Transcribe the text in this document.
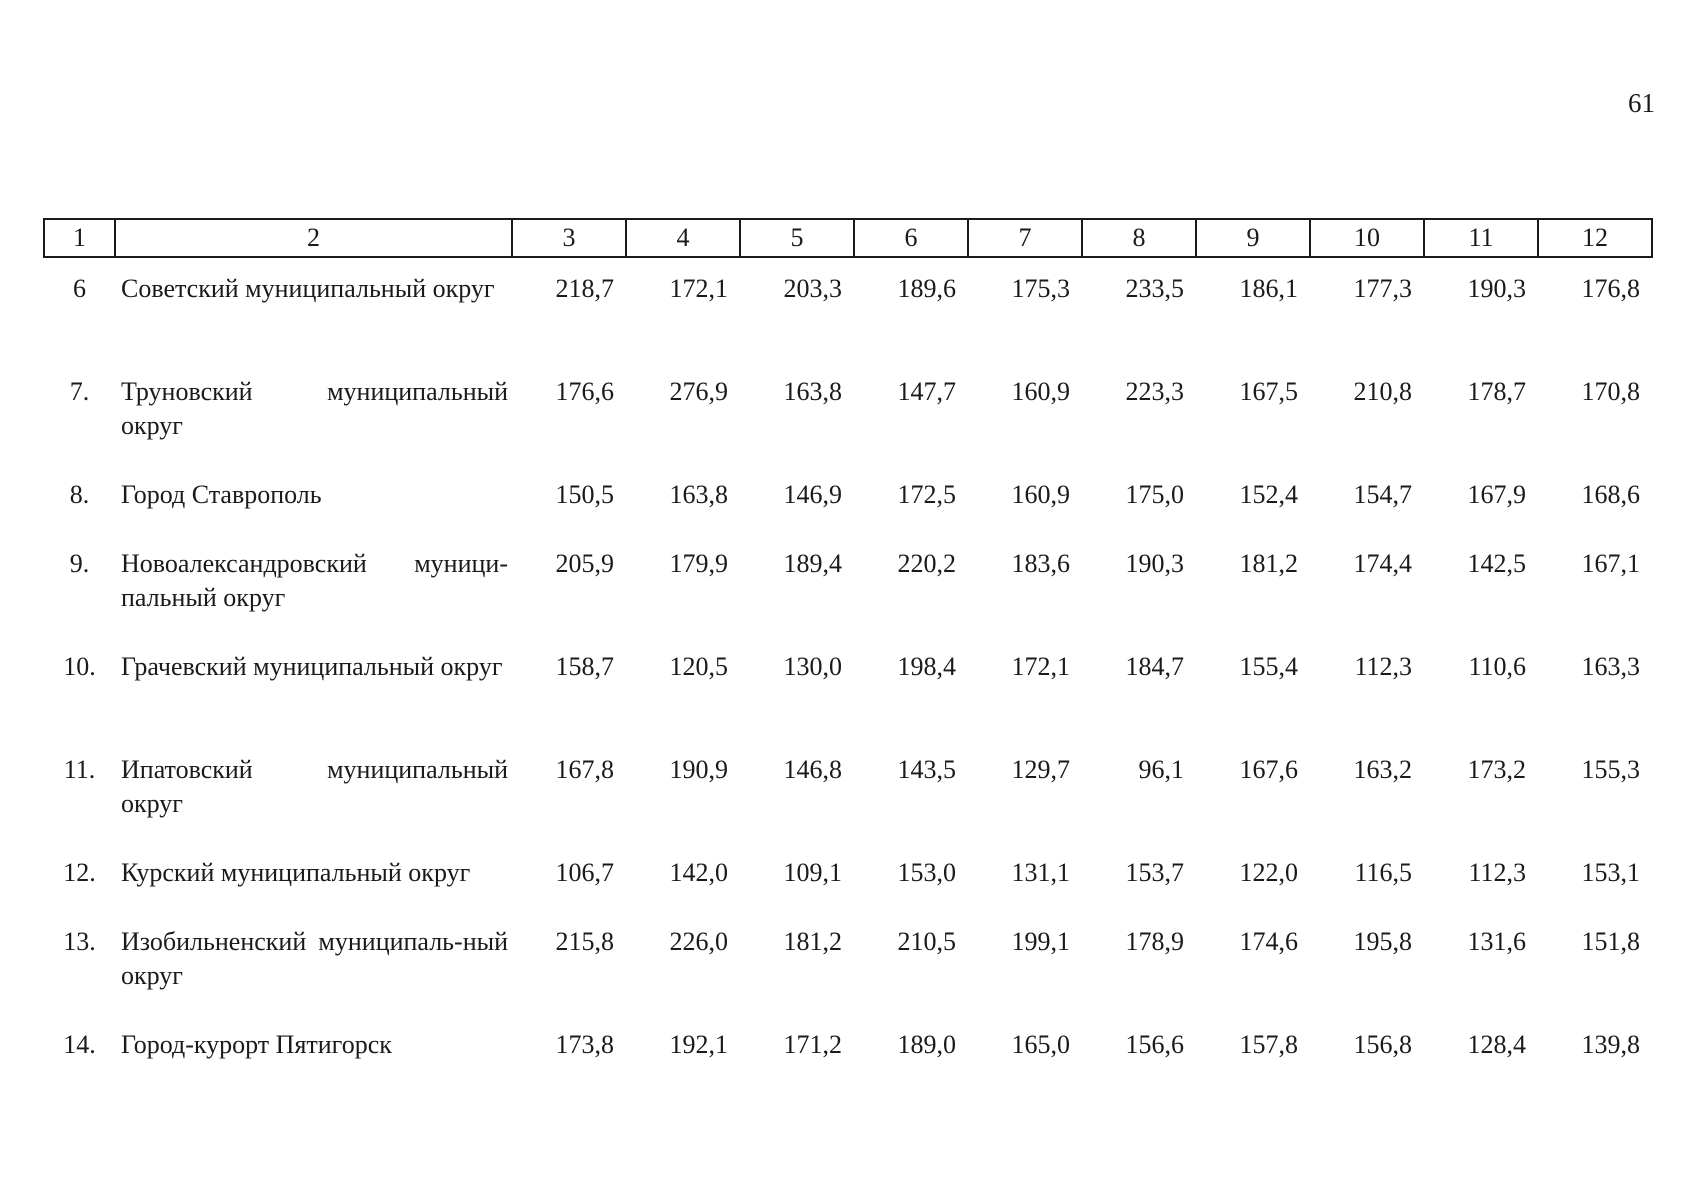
61
1	2	3	4	5	6	7	8	9	10	11	12
6	Советский муниципальный округ	218,7	172,1	203,3	189,6	175,3	233,5	186,1	177,3	190,3	176,8
7.	Труновский муниципальный округ	176,6	276,9	163,8	147,7	160,9	223,3	167,5	210,8	178,7	170,8
8.	Город Ставрополь	150,5	163,8	146,9	172,5	160,9	175,0	152,4	154,7	167,9	168,6
9.	Новоалександровский муници-пальный округ	205,9	179,9	189,4	220,2	183,6	190,3	181,2	174,4	142,5	167,1
10.	Грачевский муниципальный округ	158,7	120,5	130,0	198,4	172,1	184,7	155,4	112,3	110,6	163,3
11.	Ипатовский муниципальный округ	167,8	190,9	146,8	143,5	129,7	96,1	167,6	163,2	173,2	155,3
12.	Курский муниципальный округ	106,7	142,0	109,1	153,0	131,1	153,7	122,0	116,5	112,3	153,1
13.	Изобильненский муниципаль-ный округ	215,8	226,0	181,2	210,5	199,1	178,9	174,6	195,8	131,6	151,8
14.	Город-курорт Пятигорск	173,8	192,1	171,2	189,0	165,0	156,6	157,8	156,8	128,4	139,8
